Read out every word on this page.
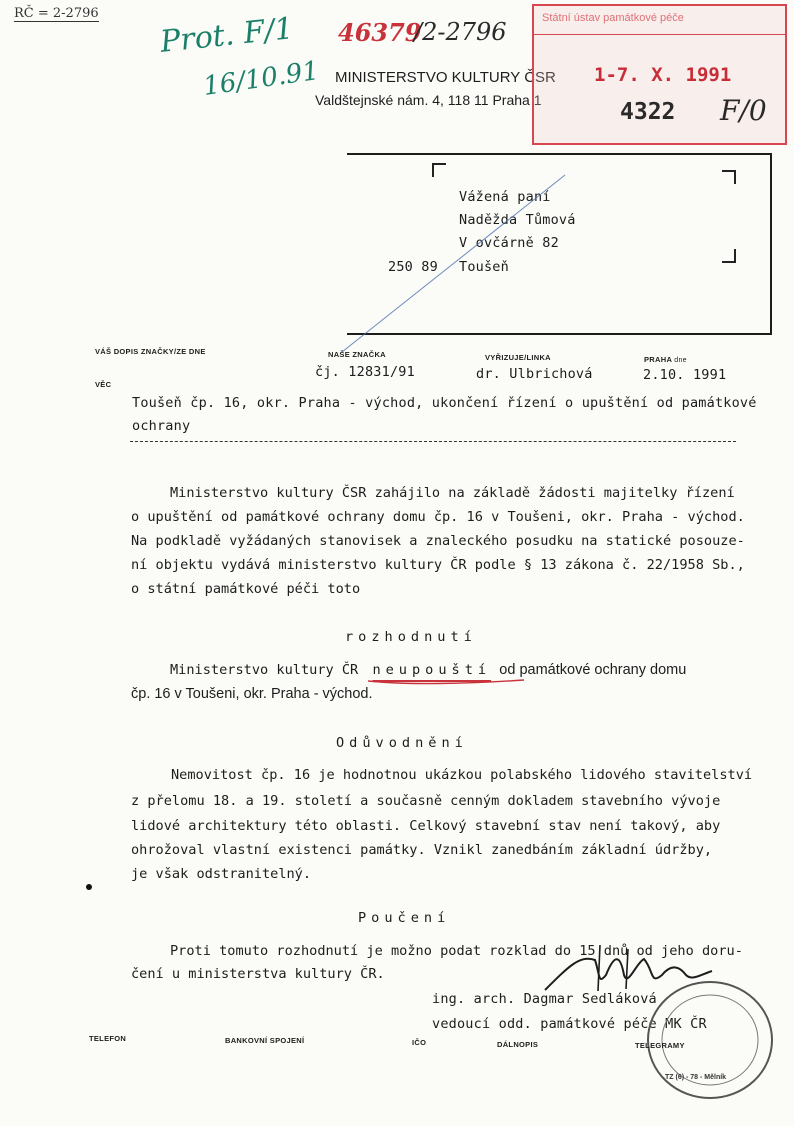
RČ = 2-2796 Prot. F/1
16/10.91
46379
/2-2796
MINISTERSTVO KULTURY ČSR
Valdštejnské nám. 4, 118 11 Praha 1
Státní ústav památkové péče
1-7. X. 1991
4322 F/0
Vážená paní
Naděžda Tůmová
V ovčárně 82
250 89 Toušeň
VÁŠ DOPIS ZNAČKY/ZE DNE	NAŠE ZNAČKA
čj. 12831/91
VYŘIZUJE/LINKA
dr. Ulbrichová
PRAHA dne
2.10. 1991
VĚC
Toušeň čp. 16, okr. Praha - východ, ukončení řízení o upuštění od památkové
ochrany
Ministerstvo kultury ČSR zahájilo na základě žádosti majitelky řízení
o upuštění od památkové ochrany domu čp. 16 v Toušeni, okr. Praha - východ.
Na podkladě vyžádaných stanovisek a znaleckého posudku na statické posouze-
ní objektu vydává ministerstvo kultury ČR podle § 13 zákona č. 22/1958 Sb.,
o státní památkové péči toto
rozhodnutí
Ministerstvo kultury ČR neupouští od památkové ochrany domu
čp. 16 v Toušeni, okr. Praha - východ.
Odůvodnění
Nemovitost čp. 16 je hodnotnou ukázkou polabského lidového stavitelství
z přelomu 18. a 19. století a současně cenným dokladem stavebního vývoje
lidové architektury této oblasti. Celkový stavební stav není takový, aby
ohrožoval vlastní existenci památky. Vznikl zanedbáním základní údržby,
je však odstranitelný.
Poučení
Proti tomuto rozhodnutí je možno podat rozklad do 15 dnů od jeho doru-
čení u ministerstva kultury ČR.
ing. arch. Dagmar Sedláková
vedoucí odd. památkové péče MK ČR
TZ (6) - 78 - Mělník
TELEFON	BANKOVNÍ SPOJENÍ	IČO	DÁLNOPIS	TELEGRAMY
